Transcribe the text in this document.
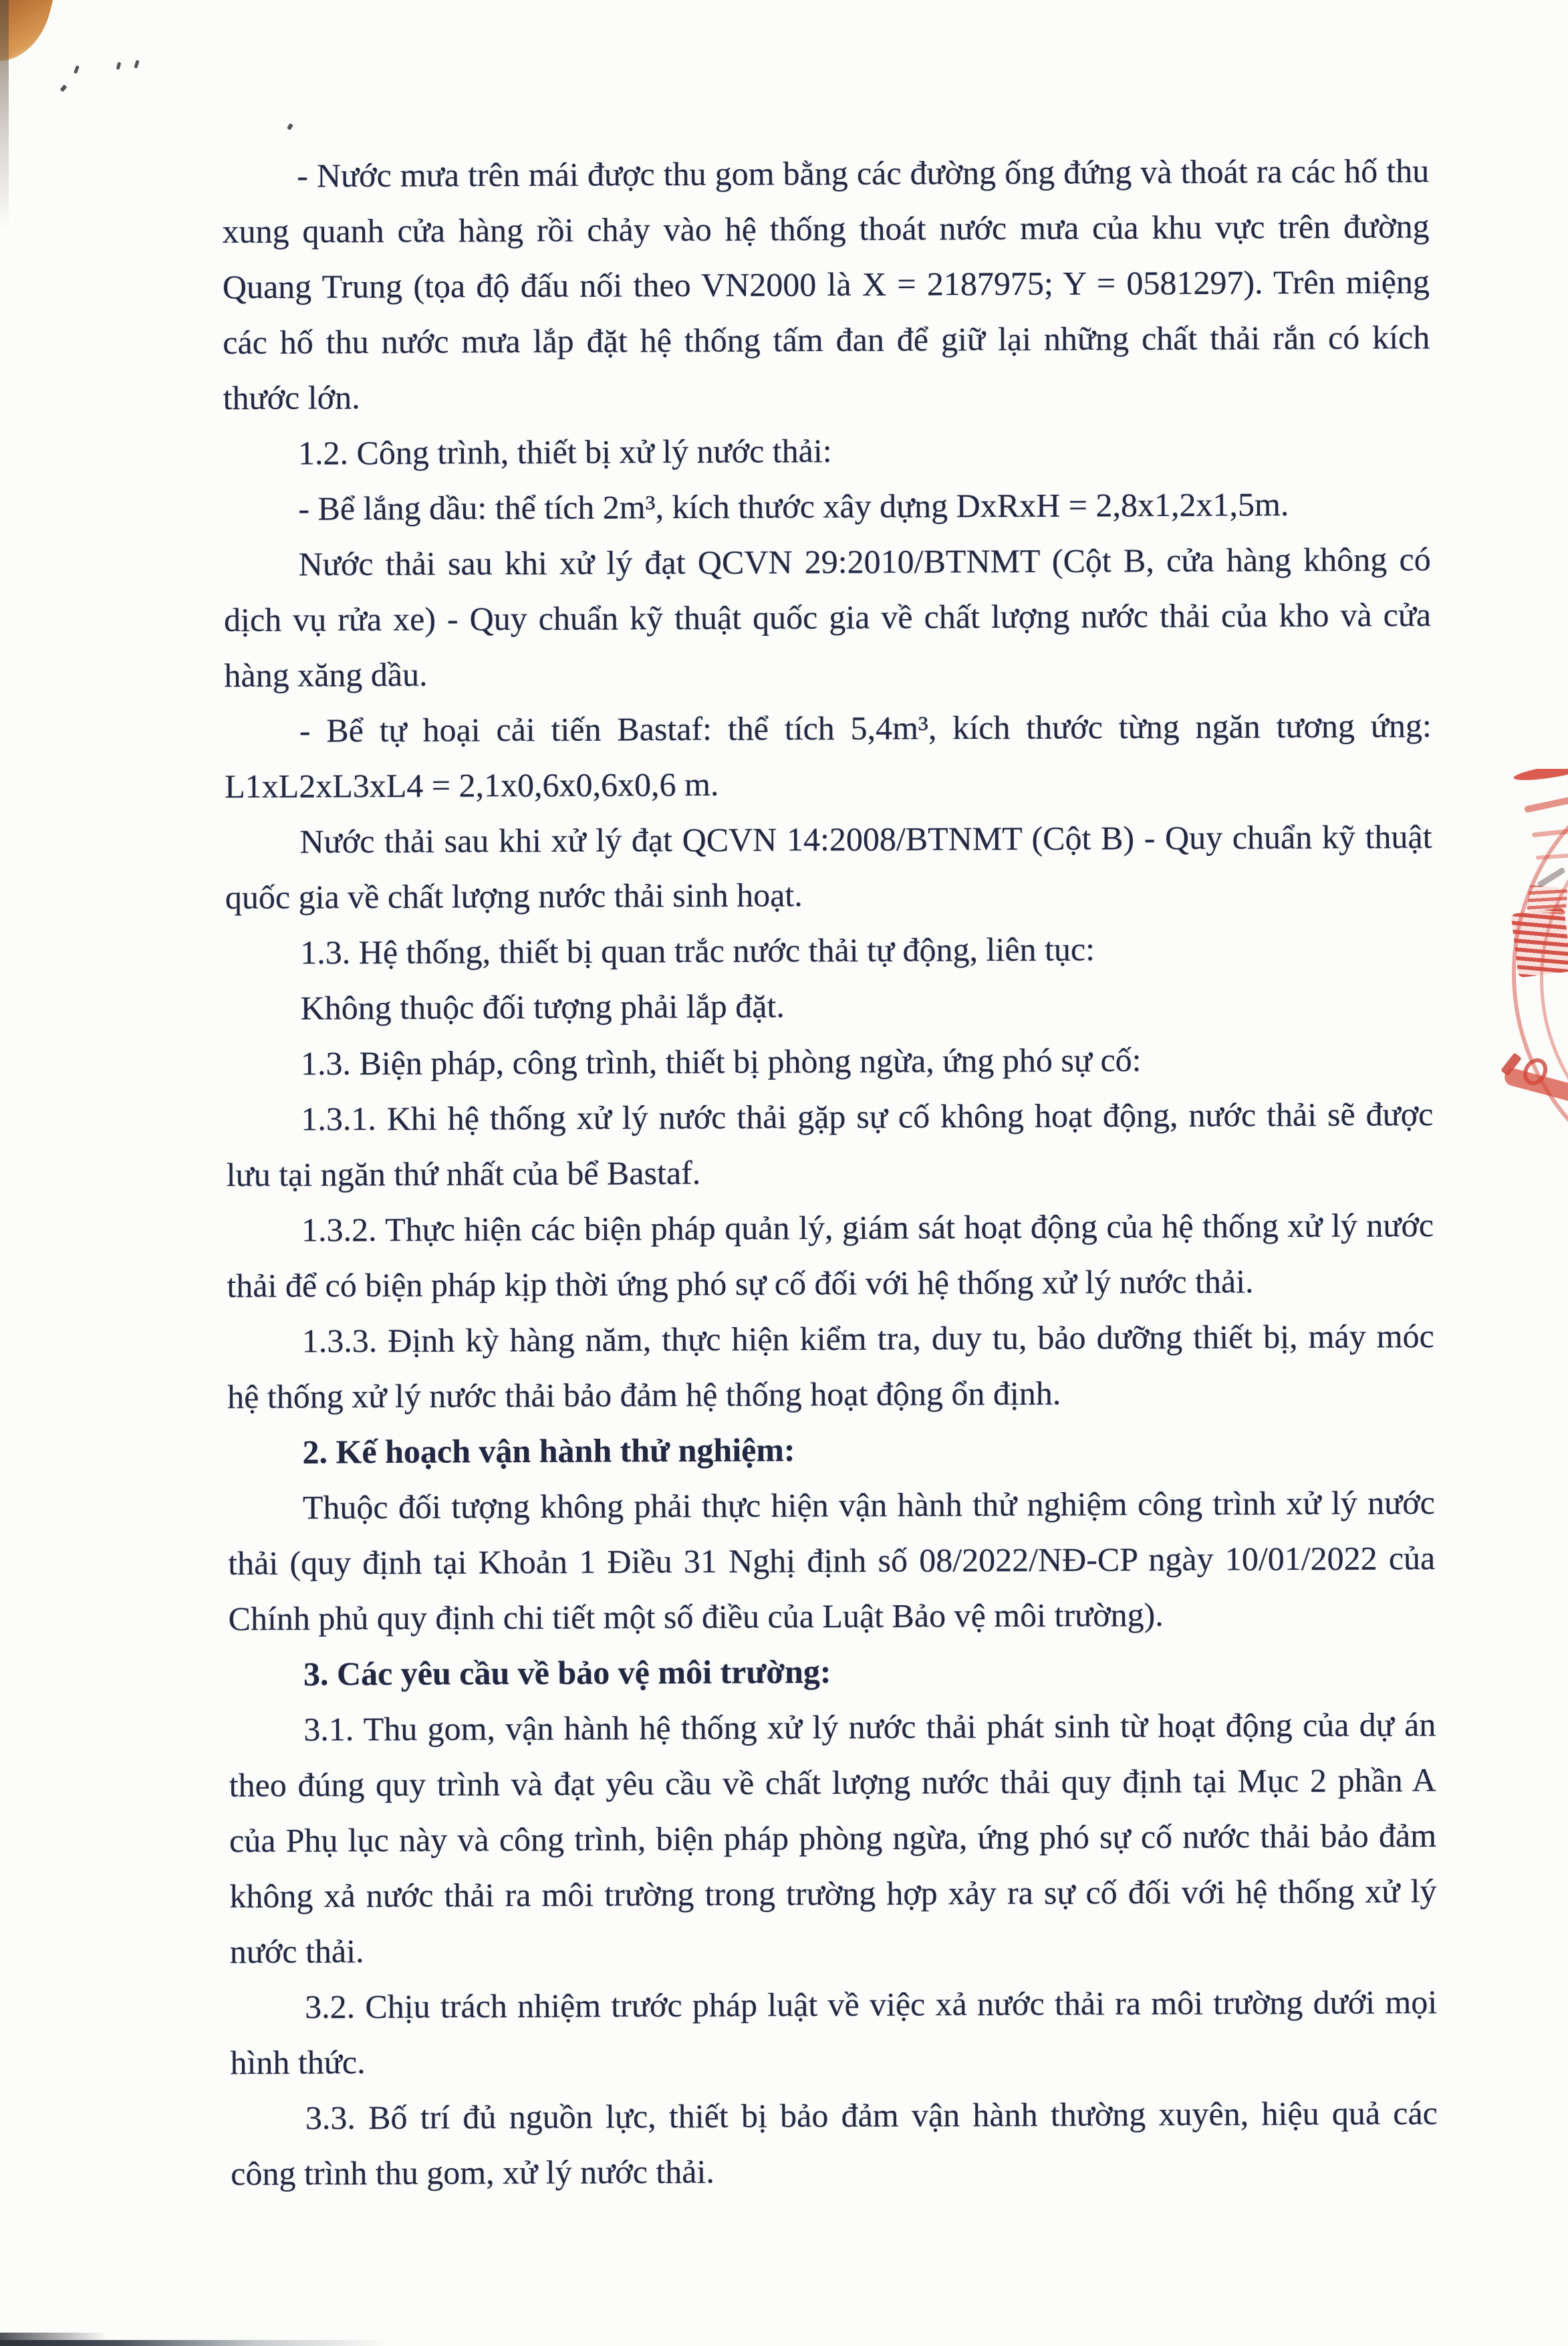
- Nước mưa trên mái được thu gom bằng các đường ống đứng và thoát ra các hố thu xung quanh cửa hàng rồi chảy vào hệ thống thoát nước mưa của khu vực trên đường Quang Trung (tọa độ đấu nối theo VN2000 là X = 2187975; Y = 0581297). Trên miệng các hố thu nước mưa lắp đặt hệ thống tấm đan để giữ lại những chất thải rắn có kích thước lớn.

1.2. Công trình, thiết bị xử lý nước thải:

- Bể lắng dầu: thể tích 2m³, kích thước xây dựng DxRxH = 2,8x1,2x1,5m.

Nước thải sau khi xử lý đạt QCVN 29:2010/BTNMT (Cột B, cửa hàng không có dịch vụ rửa xe) - Quy chuẩn kỹ thuật quốc gia về chất lượng nước thải của kho và cửa hàng xăng dầu.

- Bể tự hoại cải tiến Bastaf: thể tích 5,4m³, kích thước từng ngăn tương ứng: L1xL2xL3xL4 = 2,1x0,6x0,6x0,6 m.

Nước thải sau khi xử lý đạt QCVN 14:2008/BTNMT (Cột B) - Quy chuẩn kỹ thuật quốc gia về chất lượng nước thải sinh hoạt.

1.3. Hệ thống, thiết bị quan trắc nước thải tự động, liên tục:

Không thuộc đối tượng phải lắp đặt.

1.3. Biện pháp, công trình, thiết bị phòng ngừa, ứng phó sự cố:

1.3.1. Khi hệ thống xử lý nước thải gặp sự cố không hoạt động, nước thải sẽ được lưu tại ngăn thứ nhất của bể Bastaf.

1.3.2. Thực hiện các biện pháp quản lý, giám sát hoạt động của hệ thống xử lý nước thải để có biện pháp kịp thời ứng phó sự cố đối với hệ thống xử lý nước thải.

1.3.3. Định kỳ hàng năm, thực hiện kiểm tra, duy tu, bảo dưỡng thiết bị, máy móc hệ thống xử lý nước thải bảo đảm hệ thống hoạt động ổn định.

2. Kế hoạch vận hành thử nghiệm:

Thuộc đối tượng không phải thực hiện vận hành thử nghiệm công trình xử lý nước thải (quy định tại Khoản 1 Điều 31 Nghị định số 08/2022/NĐ-CP ngày 10/01/2022 của Chính phủ quy định chi tiết một số điều của Luật Bảo vệ môi trường).

3. Các yêu cầu về bảo vệ môi trường:

3.1. Thu gom, vận hành hệ thống xử lý nước thải phát sinh từ hoạt động của dự án theo đúng quy trình và đạt yêu cầu về chất lượng nước thải quy định tại Mục 2 phần A của Phụ lục này và công trình, biện pháp phòng ngừa, ứng phó sự cố nước thải bảo đảm không xả nước thải ra môi trường trong trường hợp xảy ra sự cố đối với hệ thống xử lý nước thải.

3.2. Chịu trách nhiệm trước pháp luật về việc xả nước thải ra môi trường dưới mọi hình thức.

3.3. Bố trí đủ nguồn lực, thiết bị bảo đảm vận hành thường xuyên, hiệu quả các công trình thu gom, xử lý nước thải.
